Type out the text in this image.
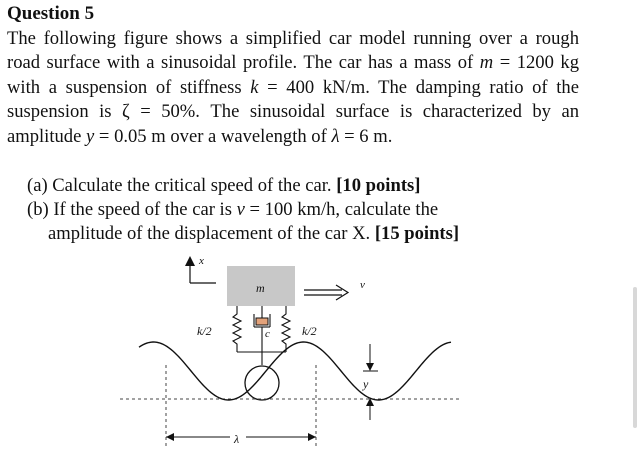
Question 5
The following figure shows a simplified car model running over a rough road surface with a sinusoidal profile. The car has a mass of m = 1200 kg with a suspension of stiffness k = 400 kN/m. The damping ratio of the suspension is ζ = 50%. The sinusoidal surface is characterized by an amplitude y = 0.05 m over a wavelength of λ = 6 m.
(a) Calculate the critical speed of the car. [10 points]
(b) If the speed of the car is v = 100 km/h, calculate the
amplitude of the displacement of the car X. [15 points]
x
m	v
k/2	c	k/2
y
λ
